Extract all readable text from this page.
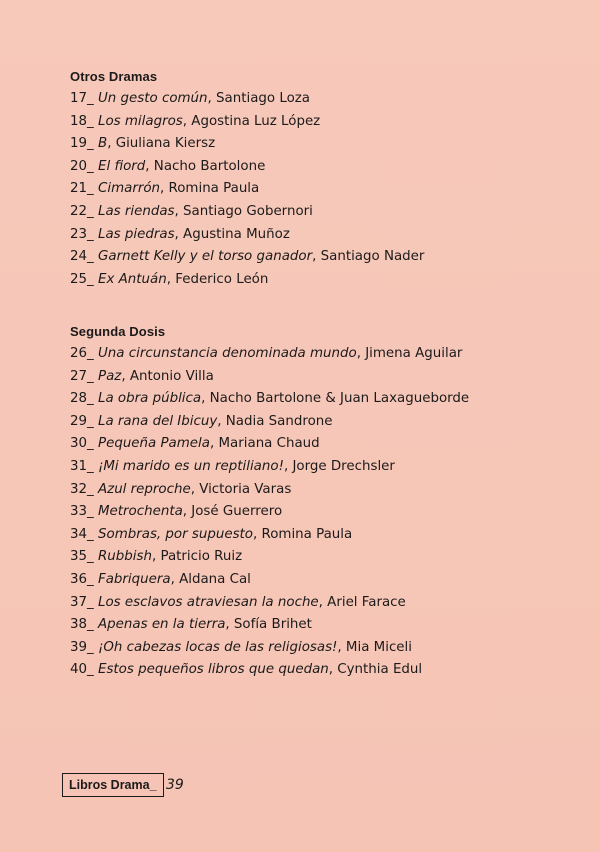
Otros Dramas
17_ Un gesto común, Santiago Loza
18_ Los milagros, Agostina Luz López
19_ B, Giuliana Kiersz
20_ El fiord, Nacho Bartolone
21_ Cimarrón, Romina Paula
22_ Las riendas, Santiago Gobernori
23_ Las piedras, Agustina Muñoz
24_ Garnett Kelly y el torso ganador, Santiago Nader
25_ Ex Antuán, Federico León
Segunda Dosis
26_ Una circunstancia denominada mundo, Jimena Aguilar
27_ Paz, Antonio Villa
28_ La obra pública, Nacho Bartolone & Juan Laxagueborde
29_ La rana del Ibicuy, Nadia Sandrone
30_ Pequeña Pamela, Mariana Chaud
31_ ¡Mi marido es un reptiliano!, Jorge Drechsler
32_ Azul reproche, Victoria Varas
33_ Metrochenta, José Guerrero
34_ Sombras, por supuesto, Romina Paula
35_ Rubbish, Patricio Ruiz
36_ Fabriquera, Aldana Cal
37_ Los esclavos atraviesan la noche, Ariel Farace
38_ Apenas en la tierra, Sofía Brihet
39_ ¡Oh cabezas locas de las religiosas!, Mia Miceli
40_ Estos pequeños libros que quedan, Cynthia Edul
Libros Drama_ 39
